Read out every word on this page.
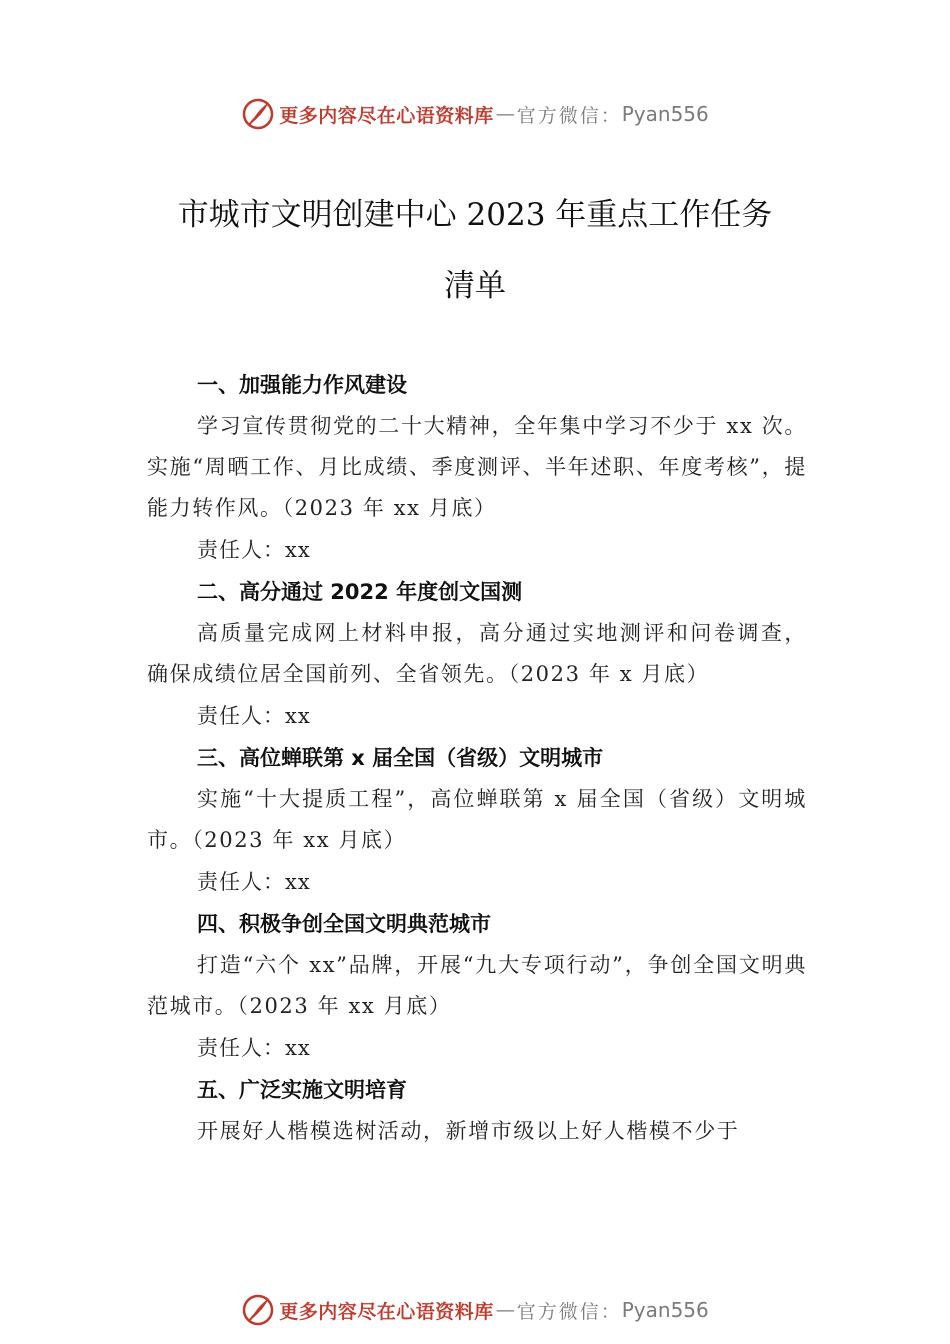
更多内容尽在心语资料库 — 官方微信： Pyan556
市城市文明创建中心 2023 年重点工作任务
清单
一、加强能力作风建设

学习宣传贯彻党的二十大精神，全年集中学习不少于 xx 次。实施“周晒工作、月比成绩、季度测评、半年述职、年度考核”，提能力转作风。（2023 年 xx 月底）

责任人：xx
二、高分通过 2022 年度创文国测

高质量完成网上材料申报，高分通过实地测评和问卷调查，确保成绩位居全国前列、全省领先。（2023 年 x 月底）

责任人：xx
三、高位蝉联第 x 届全国（省级）文明城市

实施“十大提质工程”，高位蝉联第 x 届全国（省级）文明城市。（2023 年 xx 月底）

责任人：xx
四、积极争创全国文明典范城市

打造“六个 xx”品牌，开展“九大专项行动”，争创全国文明典范城市。（2023 年 xx 月底）

责任人：xx
五、广泛实施文明培育

开展好人楷模选树活动，新增市级以上好人楷模不少于

更多内容尽在心语资料库 — 官方微信： Pyan556
